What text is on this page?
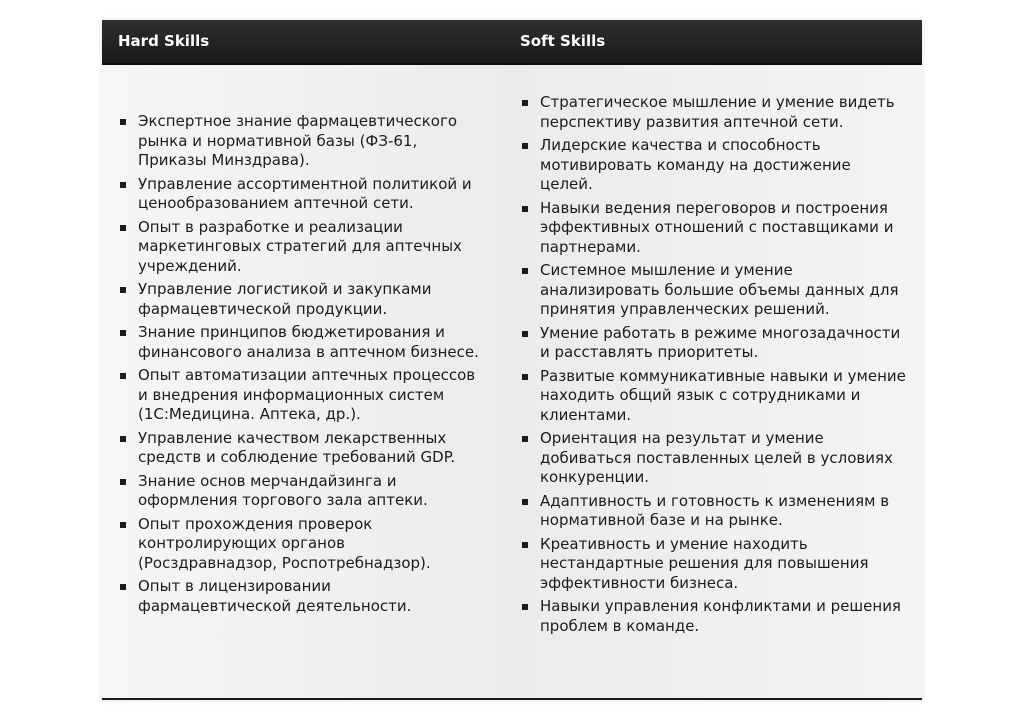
Hard Skills	Soft Skills
Экспертное знание фармацевтического рынка и нормативной базы (ФЗ-61, Приказы Минздрава).
Управление ассортиментной политикой и ценообразованием аптечной сети.
Опыт в разработке и реализации маркетинговых стратегий для аптечных учреждений.
Управление логистикой и закупками фармацевтической продукции.
Знание принципов бюджетирования и финансового анализа в аптечном бизнесе.
Опыт автоматизации аптечных процессов и внедрения информационных систем (1С:Медицина. Аптека, др.).
Управление качеством лекарственных средств и соблюдение требований GDP.
Знание основ мерчандайзинга и оформления торгового зала аптеки.
Опыт прохождения проверок контролирующих органов (Росздравнадзор, Роспотребнадзор).
Опыт в лицензировании фармацевтической деятельности.
Стратегическое мышление и умение видеть перспективу развития аптечной сети.
Лидерские качества и способность мотивировать команду на достижение целей.
Навыки ведения переговоров и построения эффективных отношений с поставщиками и партнерами.
Системное мышление и умение анализировать большие объемы данных для принятия управленческих решений.
Умение работать в режиме многозадачности и расставлять приоритеты.
Развитые коммуникативные навыки и умение находить общий язык с сотрудниками и клиентами.
Ориентация на результат и умение добиваться поставленных целей в условиях конкуренции.
Адаптивность и готовность к изменениям в нормативной базе и на рынке.
Креативность и умение находить нестандартные решения для повышения эффективности бизнеса.
Навыки управления конфликтами и решения проблем в команде.
